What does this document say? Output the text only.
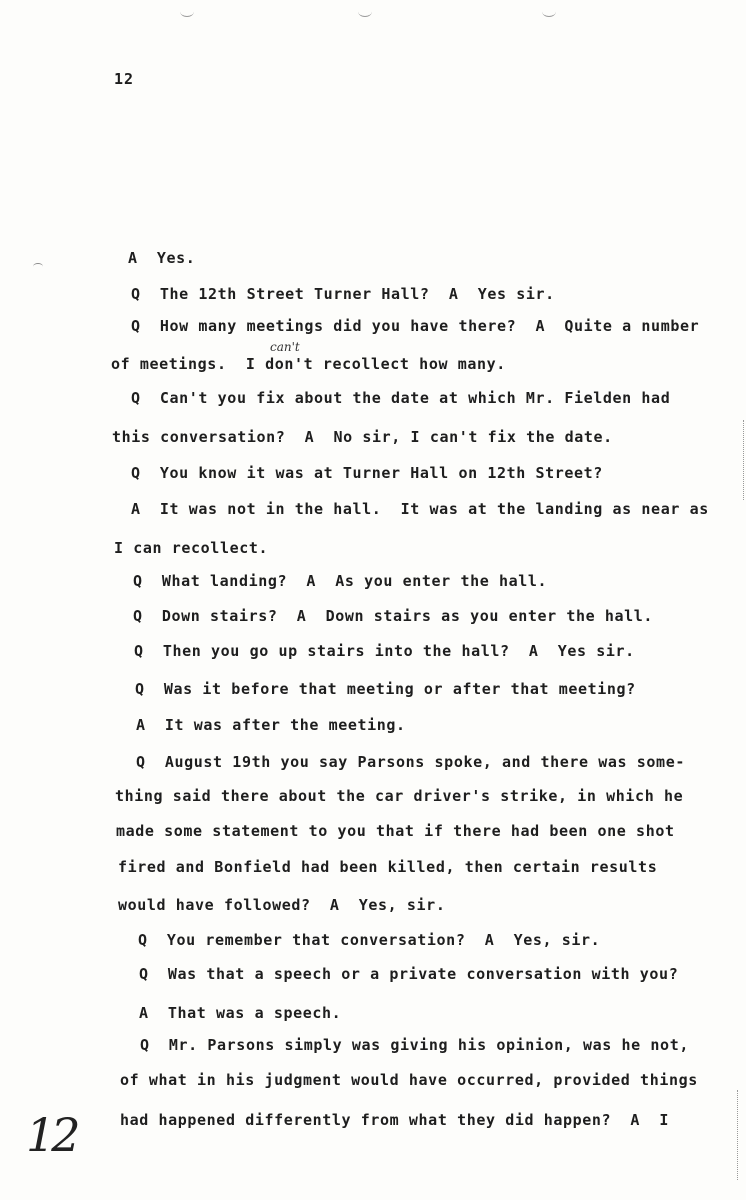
12
A  Yes.
Q  The 12th Street Turner Hall?  A  Yes sir.
Q  How many meetings did you have there?  A  Quite a number
of meetings.  I don't recollect how many.
Q  Can't you fix about the date at which Mr. Fielden had
this conversation?  A  No sir, I can't fix the date.
Q  You know it was at Turner Hall on 12th Street?
A  It was not in the hall.  It was at the landing as near as
I can recollect.
Q  What landing?  A  As you enter the hall.
Q  Down stairs?  A  Down stairs as you enter the hall.
Q  Then you go up stairs into the hall?  A  Yes sir.
Q  Was it before that meeting or after that meeting?
A  It was after the meeting.
Q  August 19th you say Parsons spoke, and there was some-
thing said there about the car driver's strike, in which he
made some statement to you that if there had been one shot
fired and Bonfield had been killed, then certain results
would have followed?  A  Yes, sir.
Q  You remember that conversation?  A  Yes, sir.
Q  Was that a speech or a private conversation with you?
A  That was a speech.
Q  Mr. Parsons simply was giving his opinion, was he not,
of what in his judgment would have occurred, provided things
had happened differently from what they did happen?  A  I
can't
12
